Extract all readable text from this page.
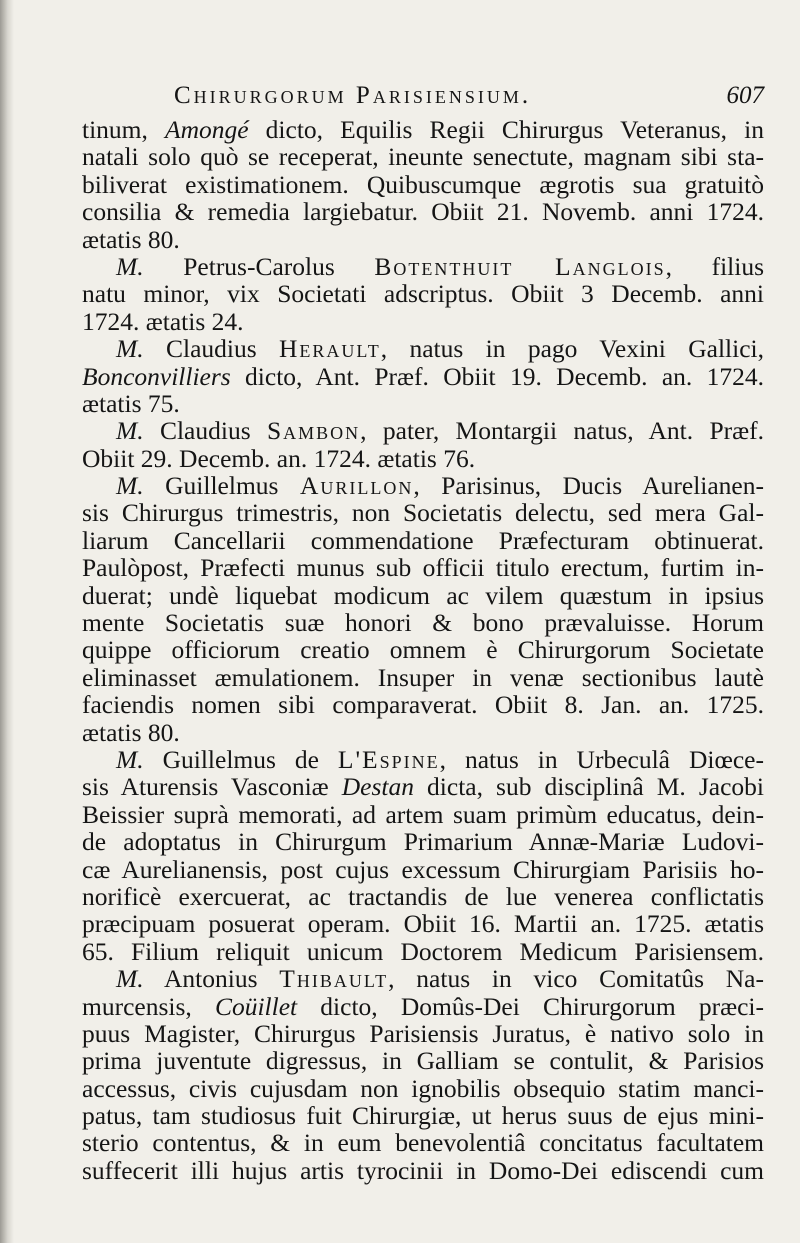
Chirurgorum Parisiensium.	607
tinum, Amongé dicto, Equilis Regii Chirurgus Veteranus, in
natali solo quò se receperat, ineunte senectute, magnam sibi sta-
biliverat existimationem. Quibuscumque ægrotis sua gratuitò
consilia & remedia largiebatur. Obiit 21. Novemb. anni 1724.
ætatis 80.
M. Petrus-Carolus Botenthuit Langlois, filius
natu minor, vix Societati adscriptus. Obiit 3 Decemb. anni
1724. ætatis 24.
M. Claudius Herault, natus in pago Vexini Gallici,
Bonconvilliers dicto, Ant. Præf. Obiit 19. Decemb. an. 1724.
ætatis 75.
M. Claudius Sambon, pater, Montargii natus, Ant. Præf.
Obiit 29. Decemb. an. 1724. ætatis 76.
M. Guillelmus Aurillon, Parisinus, Ducis Aurelianen-
sis Chirurgus trimestris, non Societatis delectu, sed mera Gal-
liarum Cancellarii commendatione Præfecturam obtinuerat.
Paulòpost, Præfecti munus sub officii titulo erectum, furtim in-
duerat; undè liquebat modicum ac vilem quæstum in ipsius
mente Societatis suæ honori & bono prævaluisse. Horum
quippe officiorum creatio omnem è Chirurgorum Societate
eliminasset æmulationem. Insuper in venæ sectionibus lautè
faciendis nomen sibi comparaverat. Obiit 8. Jan. an. 1725.
ætatis 80.
M. Guillelmus de L'Espine, natus in Urbeculâ Diœce-
sis Aturensis Vasconiæ Destan dicta, sub disciplinâ M. Jacobi
Beissier suprà memorati, ad artem suam primùm educatus, dein-
de adoptatus in Chirurgum Primarium Annæ-Mariæ Ludovi-
cæ Aurelianensis, post cujus excessum Chirurgiam Parisiis ho-
norificè exercuerat, ac tractandis de lue venerea conflictatis
præcipuam posuerat operam. Obiit 16. Martii an. 1725. ætatis
65. Filium reliquit unicum Doctorem Medicum Parisiensem.
M. Antonius Thibault, natus in vico Comitatûs Na-
murcensis, Coüillet dicto, Domûs-Dei Chirurgorum præci-
puus Magister, Chirurgus Parisiensis Juratus, è nativo solo in
prima juventute digressus, in Galliam se contulit, & Parisios
accessus, civis cujusdam non ignobilis obsequio statim manci-
patus, tam studiosus fuit Chirurgiæ, ut herus suus de ejus mini-
sterio contentus, & in eum benevolentiâ concitatus facultatem
suffecerit illi hujus artis tyrocinii in Domo-Dei ediscendi cum
